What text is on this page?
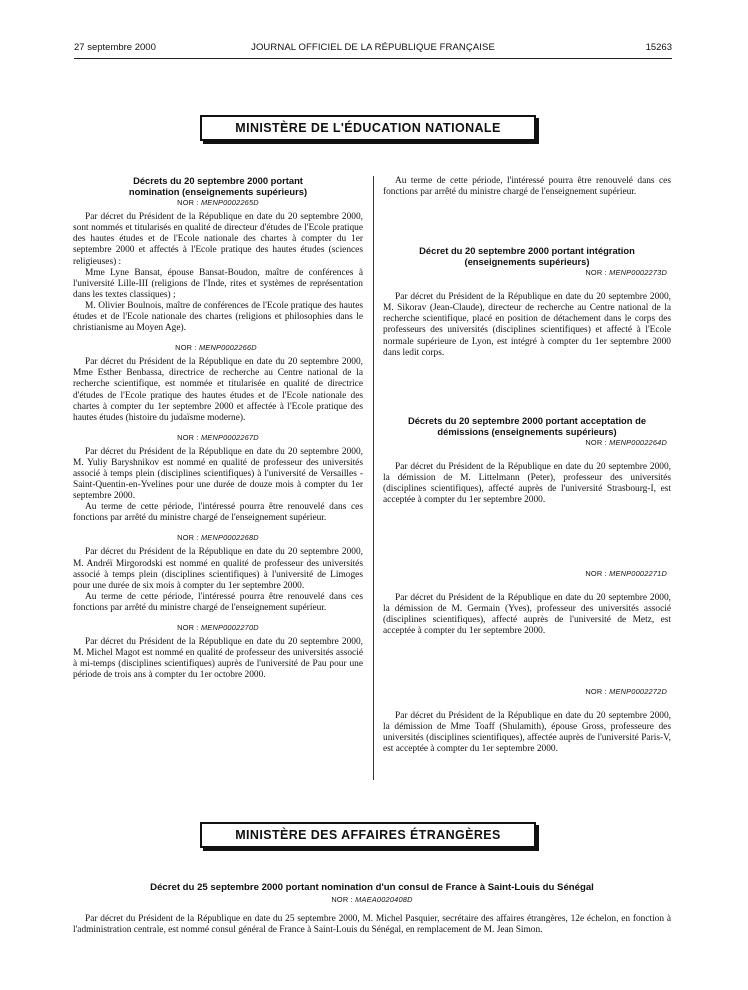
27 septembre 2000	JOURNAL OFFICIEL DE LA RÉPUBLIQUE FRANÇAISE	15263
MINISTÈRE DE L'ÉDUCATION NATIONALE
Décrets du 20 septembre 2000 portant nomination (enseignements supérieurs)
NOR : MENP0002265D

Par décret du Président de la République en date du 20 septembre 2000, sont nommés et titularisés en qualité de directeur d'études de l'Ecole pratique des hautes études et de l'Ecole nationale des chartes à compter du 1er septembre 2000 et affectés à l'Ecole pratique des hautes études (sciences religieuses) :

Mme Lyne Bansat, épouse Bansat-Boudon, maître de conférences à l'université Lille-III (religions de l'Inde, rites et systèmes de représentation dans les textes classiques) ;

M. Olivier Boulnois, maître de conférences de l'Ecole pratique des hautes études et de l'Ecole nationale des chartes (religions et philosophies dans le christianisme au Moyen Age).

NOR : MENP0002266D

Par décret du Président de la République en date du 20 septembre 2000, Mme Esther Benbassa, directrice de recherche au Centre national de la recherche scientifique, est nommée et titularisée en qualité de directrice d'études de l'Ecole pratique des hautes études et de l'Ecole nationale des chartes à compter du 1er septembre 2000 et affectée à l'Ecole pratique des hautes études (histoire du judaïsme moderne).

NOR : MENP0002267D

Par décret du Président de la République en date du 20 septembre 2000, M. Yuliy Baryshnikov est nommé en qualité de professeur des universités associé à temps plein (disciplines scientifiques) à l'université de Versailles - Saint-Quentin-en-Yvelines pour une durée de douze mois à compter du 1er septembre 2000.

Au terme de cette période, l'intéressé pourra être renouvelé dans ces fonctions par arrêté du ministre chargé de l'enseignement supérieur.

NOR : MENP0002268D

Par décret du Président de la République en date du 20 septembre 2000, M. Andréï Mirgorodski est nommé en qualité de professeur des universités associé à temps plein (disciplines scientifiques) à l'université de Limoges pour une durée de six mois à compter du 1er septembre 2000.

Au terme de cette période, l'intéressé pourra être renouvelé dans ces fonctions par arrêté du ministre chargé de l'enseignement supérieur.

NOR : MENP0002270D

Par décret du Président de la République en date du 20 septembre 2000, M. Michel Magot est nommé en qualité de professeur des universités associé à mi-temps (disciplines scientifiques) auprès de l'université de Pau pour une période de trois ans à compter du 1er octobre 2000.

Au terme de cette période, l'intéressé pourra être renouvelé dans ces fonctions par arrêté du ministre chargé de l'enseignement supérieur.

Décret du 20 septembre 2000 portant intégration (enseignements supérieurs)
NOR : MENP0002273D

Par décret du Président de la République en date du 20 septembre 2000, M. Sikorav (Jean-Claude), directeur de recherche au Centre national de la recherche scientifique, placé en position de détachement dans le corps des professeurs des universités (disciplines scientifiques) et affecté à l'Ecole normale supérieure de Lyon, est intégré à compter du 1er septembre 2000 dans ledit corps.

Décrets du 20 septembre 2000 portant acceptation de démissions (enseignements supérieurs)
NOR : MENP0002264D

Par décret du Président de la République en date du 20 septembre 2000, la démission de M. Littelmann (Peter), professeur des universités (disciplines scientifiques), affecté auprès de l'université Strasbourg-I, est acceptée à compter du 1er septembre 2000.

NOR : MENP0002271D

Par décret du Président de la République en date du 20 septembre 2000, la démission de M. Germain (Yves), professeur des universités associé (disciplines scientifiques), affecté auprès de l'université de Metz, est acceptée à compter du 1er septembre 2000.

NOR : MENP0002272D

Par décret du Président de la République en date du 20 septembre 2000, la démission de Mme Toaff (Shulamith), épouse Gross, professeure des universités (disciplines scientifiques), affectée auprès de l'université Paris-V, est acceptée à compter du 1er septembre 2000.

MINISTÈRE DES AFFAIRES ÉTRANGÈRES
Décret du 25 septembre 2000 portant nomination d'un consul de France à Saint-Louis du Sénégal
NOR : MAEA0020408D

Par décret du Président de la République en date du 25 septembre 2000, M. Michel Pasquier, secrétaire des affaires étrangères, 12e échelon, en fonction à l'administration centrale, est nommé consul général de France à Saint-Louis du Sénégal, en remplacement de M. Jean Simon.
